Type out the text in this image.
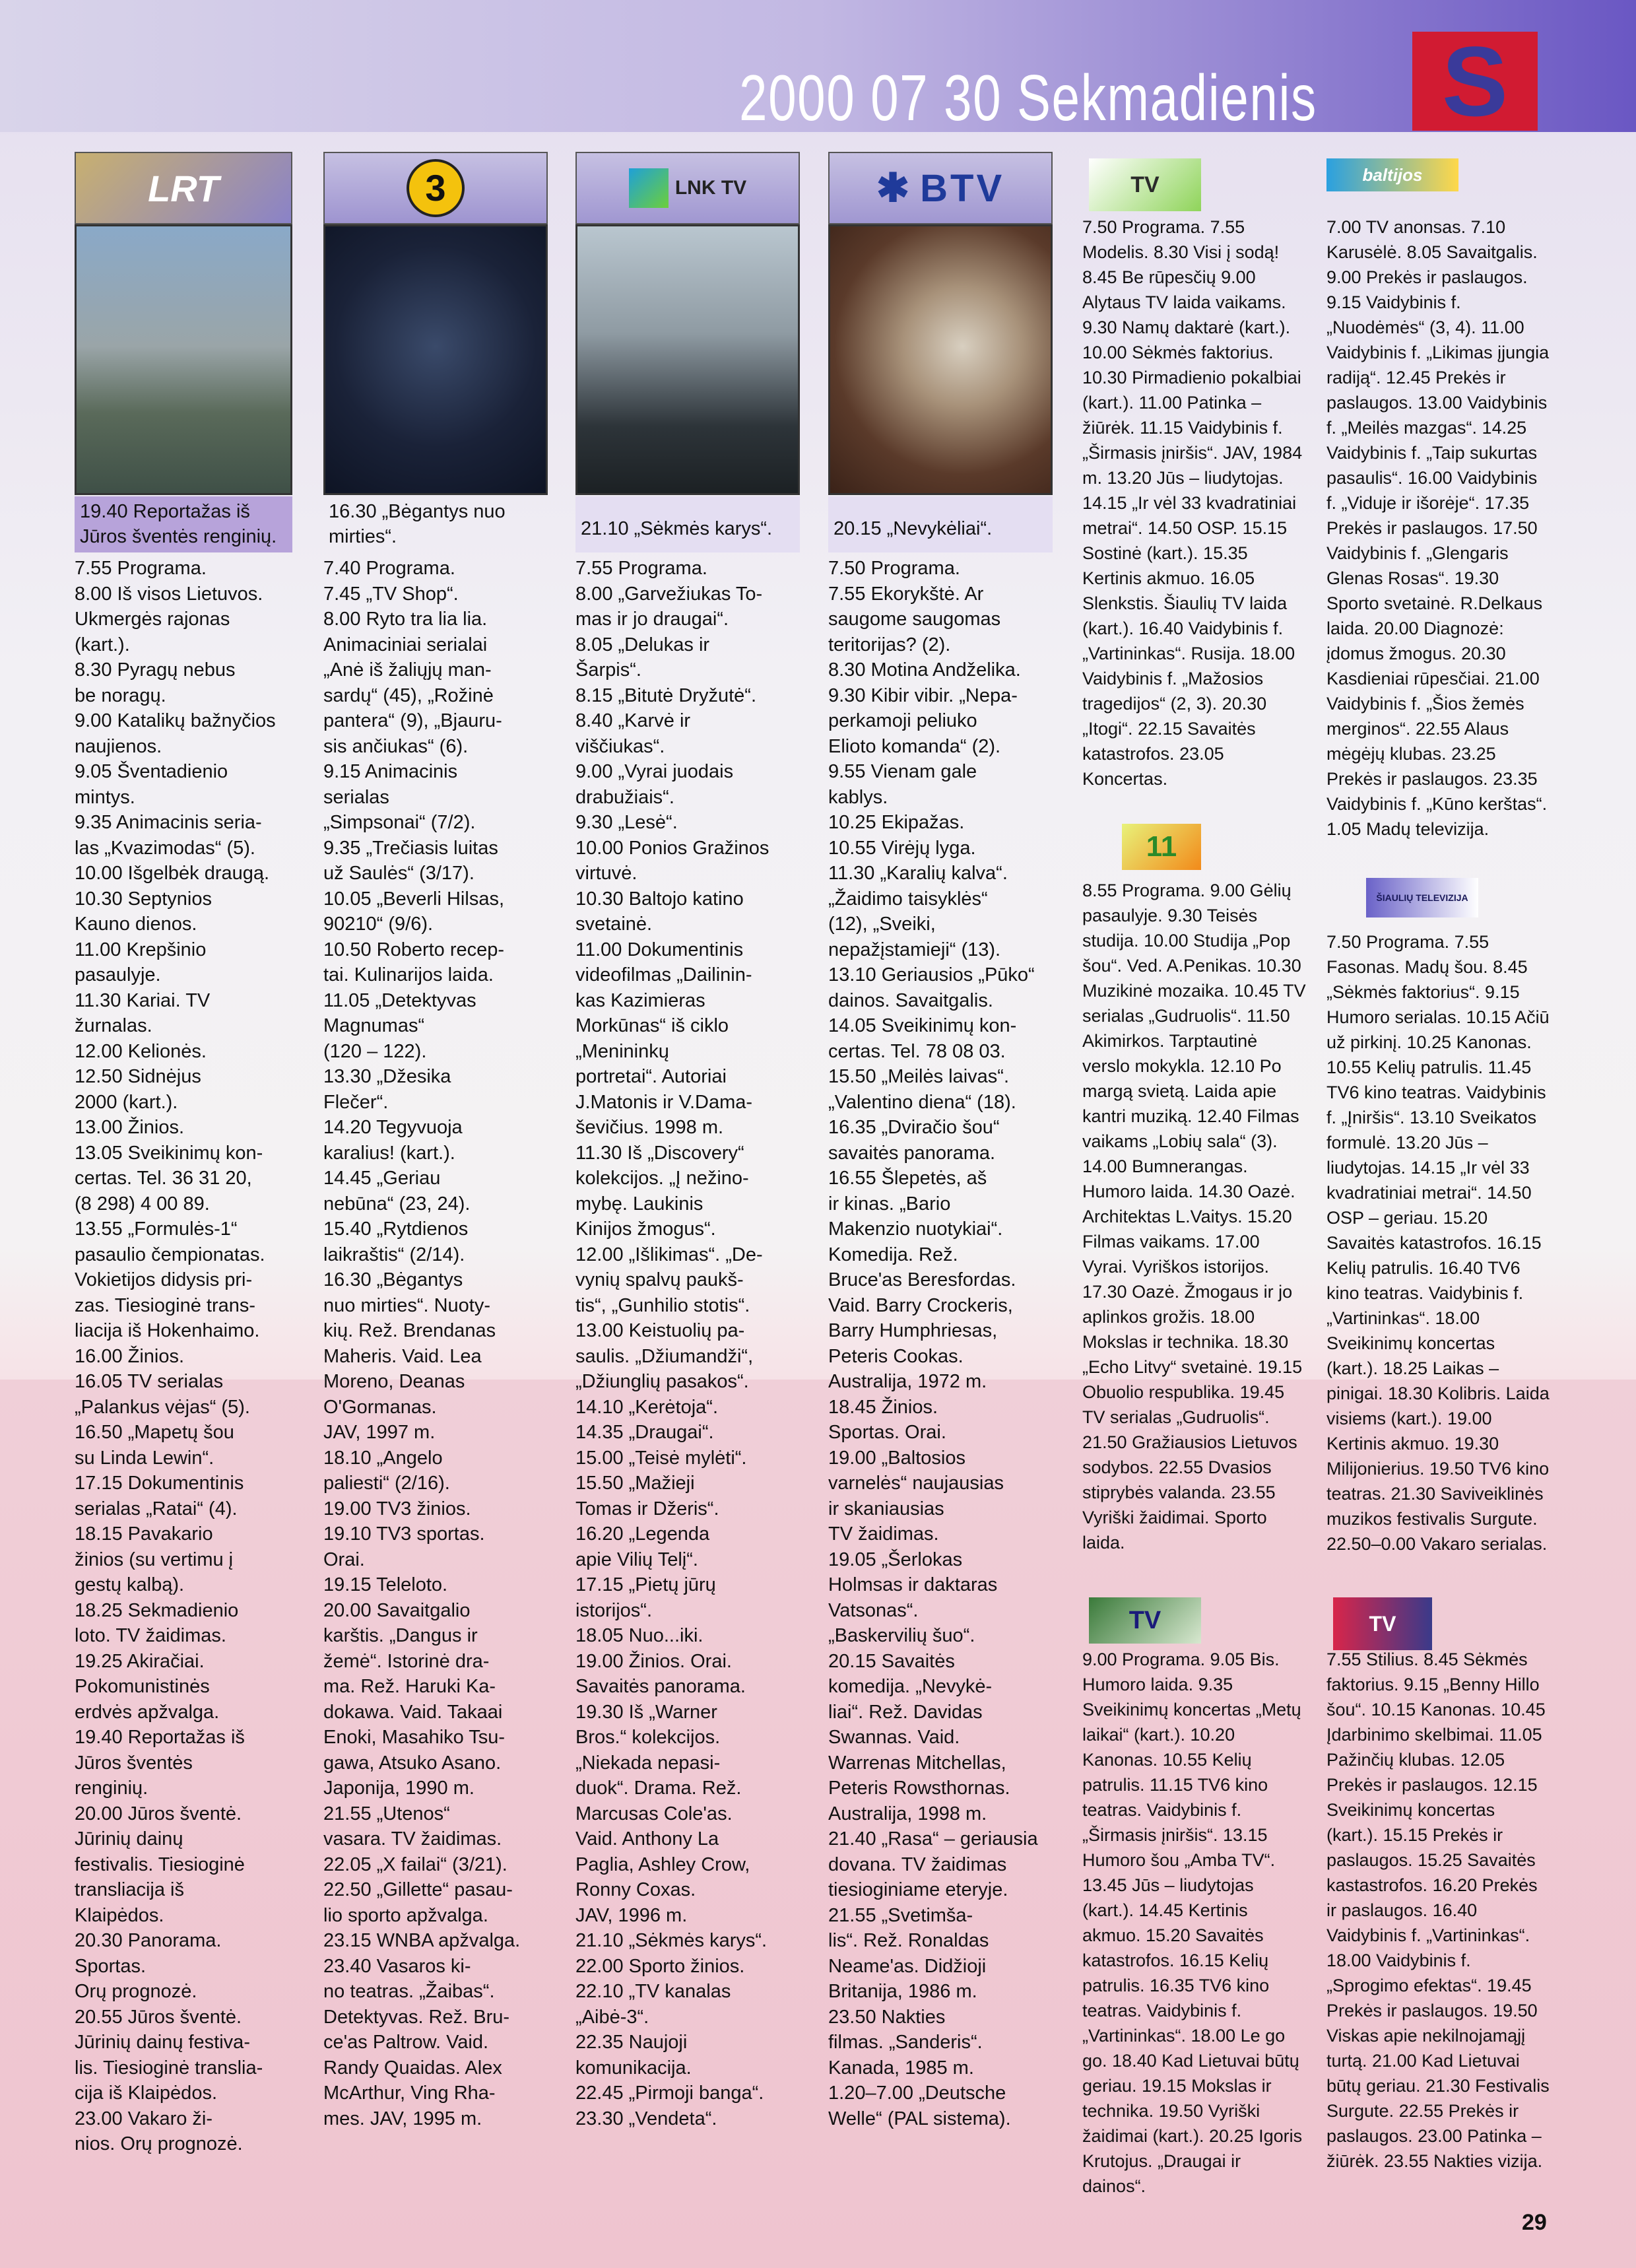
2000 07 30 Sekmadienis S
LRT
19.40 Reportažas iš Jūros šventės renginių.

7.55 Programa.

8.00 Iš visos Lietuvos.

Ukmergės rajonas

(kart.).

8.30 Pyragų nebus

be noragų.

9.00 Katalikų bažnyčios

naujienos.

9.05 Šventadienio

mintys.

9.35 Animacinis seria-

las „Kvazimodas“ (5).

10.00 Išgelbėk draugą.

10.30 Septynios

Kauno dienos.

11.00 Krepšinio

pasaulyje.

11.30 Kariai. TV žurnalas.

12.00 Kelionės.

12.50 Sidnėjus

2000 (kart.).

13.00 Žinios.

13.05 Sveikinimų kon-

certas. Tel. 36 31 20,

(8 298) 4 00 89.

13.55 „Formulės-1“

pasaulio čempionatas.

Vokietijos didysis pri-

zas. Tiesioginė trans-

liacija iš Hokenhaimo.

16.00 Žinios.

16.05 TV serialas

„Palankus vėjas“ (5).

16.50 „Mapetų šou

su Linda Lewin“.

17.15 Dokumentinis

serialas „Ratai“ (4).

18.15 Pavakario

žinios (su vertimu į

gestų kalbą).

18.25 Sekmadienio

loto. TV žaidimas.

19.25 Akiračiai.

Pokomunistinės

erdvės apžvalga.

19.40 Reportažas iš

Jūros šventės

renginių.

20.00 Jūros šventė.

Jūrinių dainų

festivalis. Tiesioginė

transliacija iš

Klaipėdos.

20.30 Panorama.

Sportas.

Orų prognozė.

20.55 Jūros šventė.

Jūrinių dainų festiva-

lis. Tiesioginė translia-

cija iš Klaipėdos.

23.00 Vakaro ži-

nios. Orų prognozė.

3
16.30 „Bėgantys nuo mirties“.

7.40 Programa.

7.45 „TV Shop“.

8.00 Ryto tra lia lia.

Animaciniai serialai

„Anė iš žaliųjų man-

sardų“ (45), „Rožinė

pantera“ (9), „Bjauru-

sis ančiukas“ (6).

9.15 Animacinis

serialas

„Simpsonai“ (7/2).

9.35 „Trečiasis luitas

už Saulės“ (3/17).

10.05 „Beverli Hilsas,

90210“ (9/6).

10.50 Roberto recep-

tai. Kulinarijos laida.

11.05 „Detektyvas

Magnumas“

(120 – 122).

13.30 „Džesika

Flečer“.

14.20 Tegyvuoja

karalius! (kart.).

14.45 „Geriau

nebūna“ (23, 24).

15.40 „Rytdienos

laikraštis“ (2/14).

16.30 „Bėgantys

nuo mirties“. Nuoty-

kių. Rež. Brendanas

Maheris. Vaid. Lea

Moreno, Deanas

O'Gormanas.

JAV, 1997 m.

18.10 „Angelo

paliesti“ (2/16).

19.00 TV3 žinios.

19.10 TV3 sportas.

Orai.

19.15 Teleloto.

20.00 Savaitgalio

karštis. „Dangus ir

žemė“. Istorinė dra-

ma. Rež. Haruki Ka-

dokawa. Vaid. Takaai

Enoki, Masahiko Tsu-

gawa, Atsuko Asano.

Japonija, 1990 m.

21.55 „Utenos“

vasara. TV žaidimas.

22.05 „X failai“ (3/21).

22.50 „Gillette“ pasau-

lio sporto apžvalga.

23.15 WNBA apžvalga.

23.40 Vasaros ki-

no teatras. „Žaibas“.

Detektyvas. Rež. Bru-

ce'as Paltrow. Vaid.

Randy Quaidas. Alex

McArthur, Ving Rha-

mes. JAV, 1995 m.

LNK TV
21.10 „Sėkmės karys“.

7.55 Programa.

8.00 „Garvežiukas To-

mas ir jo draugai“.

8.05 „Delukas ir

Šarpis“.

8.15 „Bitutė Dryžutė“.

8.40 „Karvė ir

viščiukas“.

9.00 „Vyrai juodais

drabužiais“.

9.30 „Lesė“.

10.00 Ponios Gražinos

virtuvė.

10.30 Baltojo katino

svetainė.

11.00 Dokumentinis

videofilmas „Dailinin-

kas Kazimieras

Morkūnas“ iš ciklo

„Menininkų

portretai“. Autoriai

J.Matonis ir V.Dama-

ševičius. 1998 m.

11.30 Iš „Discovery“

kolekcijos. „Į nežino-

mybę. Laukinis

Kinijos žmogus“.

12.00 „Išlikimas“. „De-

vynių spalvų paukš-

tis“, „Gunhilio stotis“.

13.00 Keistuolių pa-

saulis. „Džiumandži“,

„Džiunglių pasakos“.

14.10 „Kerėtoja“.

14.35 „Draugai“.

15.00 „Teisė mylėti“.

15.50 „Mažieji

Tomas ir Džeris“.

16.20 „Legenda

apie Vilių Telį“.

17.15 „Pietų jūrų

istorijos“.

18.05 Nuo...iki.

19.00 Žinios. Orai.

Savaitės panorama.

19.30 Iš „Warner

Bros.“ kolekcijos.

„Niekada nepasi-

duok“. Drama. Rež.

Marcusas Cole'as.

Vaid. Anthony La

Paglia, Ashley Crow,

Ronny Coxas.

JAV, 1996 m.

21.10 „Sėkmės karys“.

22.00 Sporto žinios.

22.10 „TV kanalas

„Aibė-3“.

22.35 Naujoji

komunikacija.

22.45 „Pirmoji banga“.

23.30 „Vendeta“.

✱ BTV
20.15 „Nevykėliai“.

7.50 Programa.

7.55 Ekorykštė. Ar

saugome saugomas

teritorijas? (2).

8.30 Motina Andželika.

9.30 Kibir vibir. „Nepa-

perkamoji peliuko

Elioto komanda“ (2).

9.55 Vienam gale

kablys.

10.25 Ekipažas.

10.55 Virėjų lyga.

11.30 „Karalių kalva“.

„Žaidimo taisyklės“

(12), „Sveiki,

nepažįstamieji“ (13).

13.10 Geriausios „Pūko“

dainos. Savaitgalis.

14.05 Sveikinimų kon-

certas. Tel. 78 08 03.

15.50 „Meilės laivas“.

„Valentino diena“ (18).

16.35 „Dviračio šou“

savaitės panorama.

16.55 Šlepetės, aš

ir kinas. „Bario

Makenzio nuotykiai“.

Komedija. Rež.

Bruce'as Beresfordas.

Vaid. Barry Crockeris,

Barry Humphriesas,

Peteris Cookas.

Australija, 1972 m.

18.45 Žinios.

Sportas. Orai.

19.00 „Baltosios

varnelės“ naujausias

ir skaniausias

TV žaidimas.

19.05 „Šerlokas

Holmsas ir daktaras

Vatsonas“.

„Baskervilių šuo“.

20.15 Savaitės

komedija. „Nevykė-

liai“. Rež. Davidas

Swannas. Vaid.

Warrenas Mitchellas,

Peteris Rowsthornas.

Australija, 1998 m.

21.40 „Rasa“ – geriausia

dovana. TV žaidimas

tiesioginiame eteryje.

21.55 „Svetimša-

lis“. Rež. Ronaldas

Neame'as. Didžioji

Britanija, 1986 m.

23.50 Nakties

filmas. „Sanderis“.

Kanada, 1985 m.

1.20–7.00 „Deutsche

Welle“ (PAL sistema).

TV
7.50 Programa. 7.55 Modelis. 8.30 Visi į sodą! 8.45 Be rūpesčių 9.00 Alytaus TV laida vaikams. 9.30 Namų daktarė (kart.). 10.00 Sėkmės faktorius. 10.30 Pirmadienio pokalbiai (kart.). 11.00 Patinka – žiūrėk. 11.15 Vaidybinis f. „Širmasis įniršis“. JAV, 1984 m. 13.20 Jūs – liudytojas. 14.15 „Ir vėl 33 kvadratiniai metrai“. 14.50 OSP. 15.15 Sostinė (kart.). 15.35 Kertinis akmuo. 16.05 Slenkstis. Šiaulių TV laida (kart.). 16.40 Vaidybinis f. „Vartininkas“. Rusija. 18.00 Vaidybinis f. „Mažosios tragedijos“ (2, 3). 20.30 „Itogi“. 22.15 Savaitės katastrofos. 23.05 Koncertas.
11
8.55 Programa. 9.00 Gėlių pasaulyje. 9.30 Teisės studija. 10.00 Studija „Pop šou“. Ved. A.Penikas. 10.30 Muzikinė mozaika. 10.45 TV serialas „Gudruolis“. 11.50 Akimirkos. Tarptautinė verslo mokykla. 12.10 Po margą svietą. Laida apie kantri muziką. 12.40 Filmas vaikams „Lobių sala“ (3). 14.00 Bumnerangas. Humoro laida. 14.30 Oazė. Architektas L.Vaitys. 15.20 Filmas vaikams. 17.00 Vyrai. Vyriškos istorijos. 17.30 Oazė. Žmogaus ir jo aplinkos grožis. 18.00 Mokslas ir technika. 18.30 „Echo Litvy“ svetainė. 19.15 Obuolio respublika. 19.45 TV serialas „Gudruolis“. 21.50 Gražiausios Lietuvos sodybos. 22.55 Dvasios stiprybės valanda. 23.55 Vyriški žaidimai. Sporto laida.
TV
9.00 Programa. 9.05 Bis. Humoro laida. 9.35 Sveikinimų koncertas „Metų laikai“ (kart.). 10.20 Kanonas. 10.55 Kelių patrulis. 11.15 TV6 kino teatras. Vaidybinis f. „Širmasis įniršis“. 13.15 Humoro šou „Amba TV“. 13.45 Jūs – liudytojas (kart.). 14.45 Kertinis akmuo. 15.20 Savaitės katastrofos. 16.15 Kelių patrulis. 16.35 TV6 kino teatras. Vaidybinis f. „Vartininkas“. 18.00 Le go go. 18.40 Kad Lietuvai būtų geriau. 19.15 Mokslas ir technika. 19.50 Vyriški žaidimai (kart.). 20.25 Igoris Krutojus. „Draugai ir dainos“.
baltijos
7.00 TV anonsas. 7.10 Karusėlė. 8.05 Savaitgalis. 9.00 Prekės ir paslaugos. 9.15 Vaidybinis f. „Nuodėmės“ (3, 4). 11.00 Vaidybinis f. „Likimas įjungia radiją“. 12.45 Prekės ir paslaugos. 13.00 Vaidybinis f. „Meilės mazgas“. 14.25 Vaidybinis f. „Taip sukurtas pasaulis“. 16.00 Vaidybinis f. „Viduje ir išorėje“. 17.35 Prekės ir paslaugos. 17.50 Vaidybinis f. „Glengaris Glenas Rosas“. 19.30 Sporto svetainė. R.Delkaus laida. 20.00 Diagnozė: įdomus žmogus. 20.30 Kasdieniai rūpesčiai. 21.00 Vaidybinis f. „Šios žemės merginos“. 22.55 Alaus mėgėjų klubas. 23.25 Prekės ir paslaugos. 23.35 Vaidybinis f. „Kūno kerštas“. 1.05 Madų televizija.
ŠIAULIŲ TELEVIZIJA
7.50 Programa. 7.55 Fasonas. Madų šou. 8.45 „Sėkmės faktorius“. 9.15 Humoro serialas. 10.15 Ačiū už pirkinį. 10.25 Kanonas. 10.55 Kelių patrulis. 11.45 TV6 kino teatras. Vaidybinis f. „Įniršis“. 13.10 Sveikatos formulė. 13.20 Jūs – liudytojas. 14.15 „Ir vėl 33 kvadratiniai metrai“. 14.50 OSP – geriau. 15.20 Savaitės katastrofos. 16.15 Kelių patrulis. 16.40 TV6 kino teatras. Vaidybinis f. „Vartininkas“. 18.00 Sveikinimų koncertas (kart.). 18.25 Laikas – pinigai. 18.30 Kolibris. Laida visiems (kart.). 19.00 Kertinis akmuo. 19.30 Milijonierius. 19.50 TV6 kino teatras. 21.30 Saviveiklinės muzikos festivalis Surgute. 22.50–0.00 Vakaro serialas.
TV
7.55 Stilius. 8.45 Sėkmės faktorius. 9.15 „Benny Hillo šou“. 10.15 Kanonas. 10.45 Įdarbinimo skelbimai. 11.05 Pažinčių klubas. 12.05 Prekės ir paslaugos. 12.15 Sveikinimų koncertas (kart.). 15.15 Prekės ir paslaugos. 15.25 Savaitės kastastrofos. 16.20 Prekės ir paslaugos. 16.40 Vaidybinis f. „Vartininkas“. 18.00 Vaidybinis f. „Sprogimo efektas“. 19.45 Prekės ir paslaugos. 19.50 Viskas apie nekilnojamąjį turtą. 21.00 Kad Lietuvai būtų geriau. 21.30 Festivalis Surgute. 22.55 Prekės ir paslaugos. 23.00 Patinka – žiūrėk. 23.55 Nakties vizija.
29
